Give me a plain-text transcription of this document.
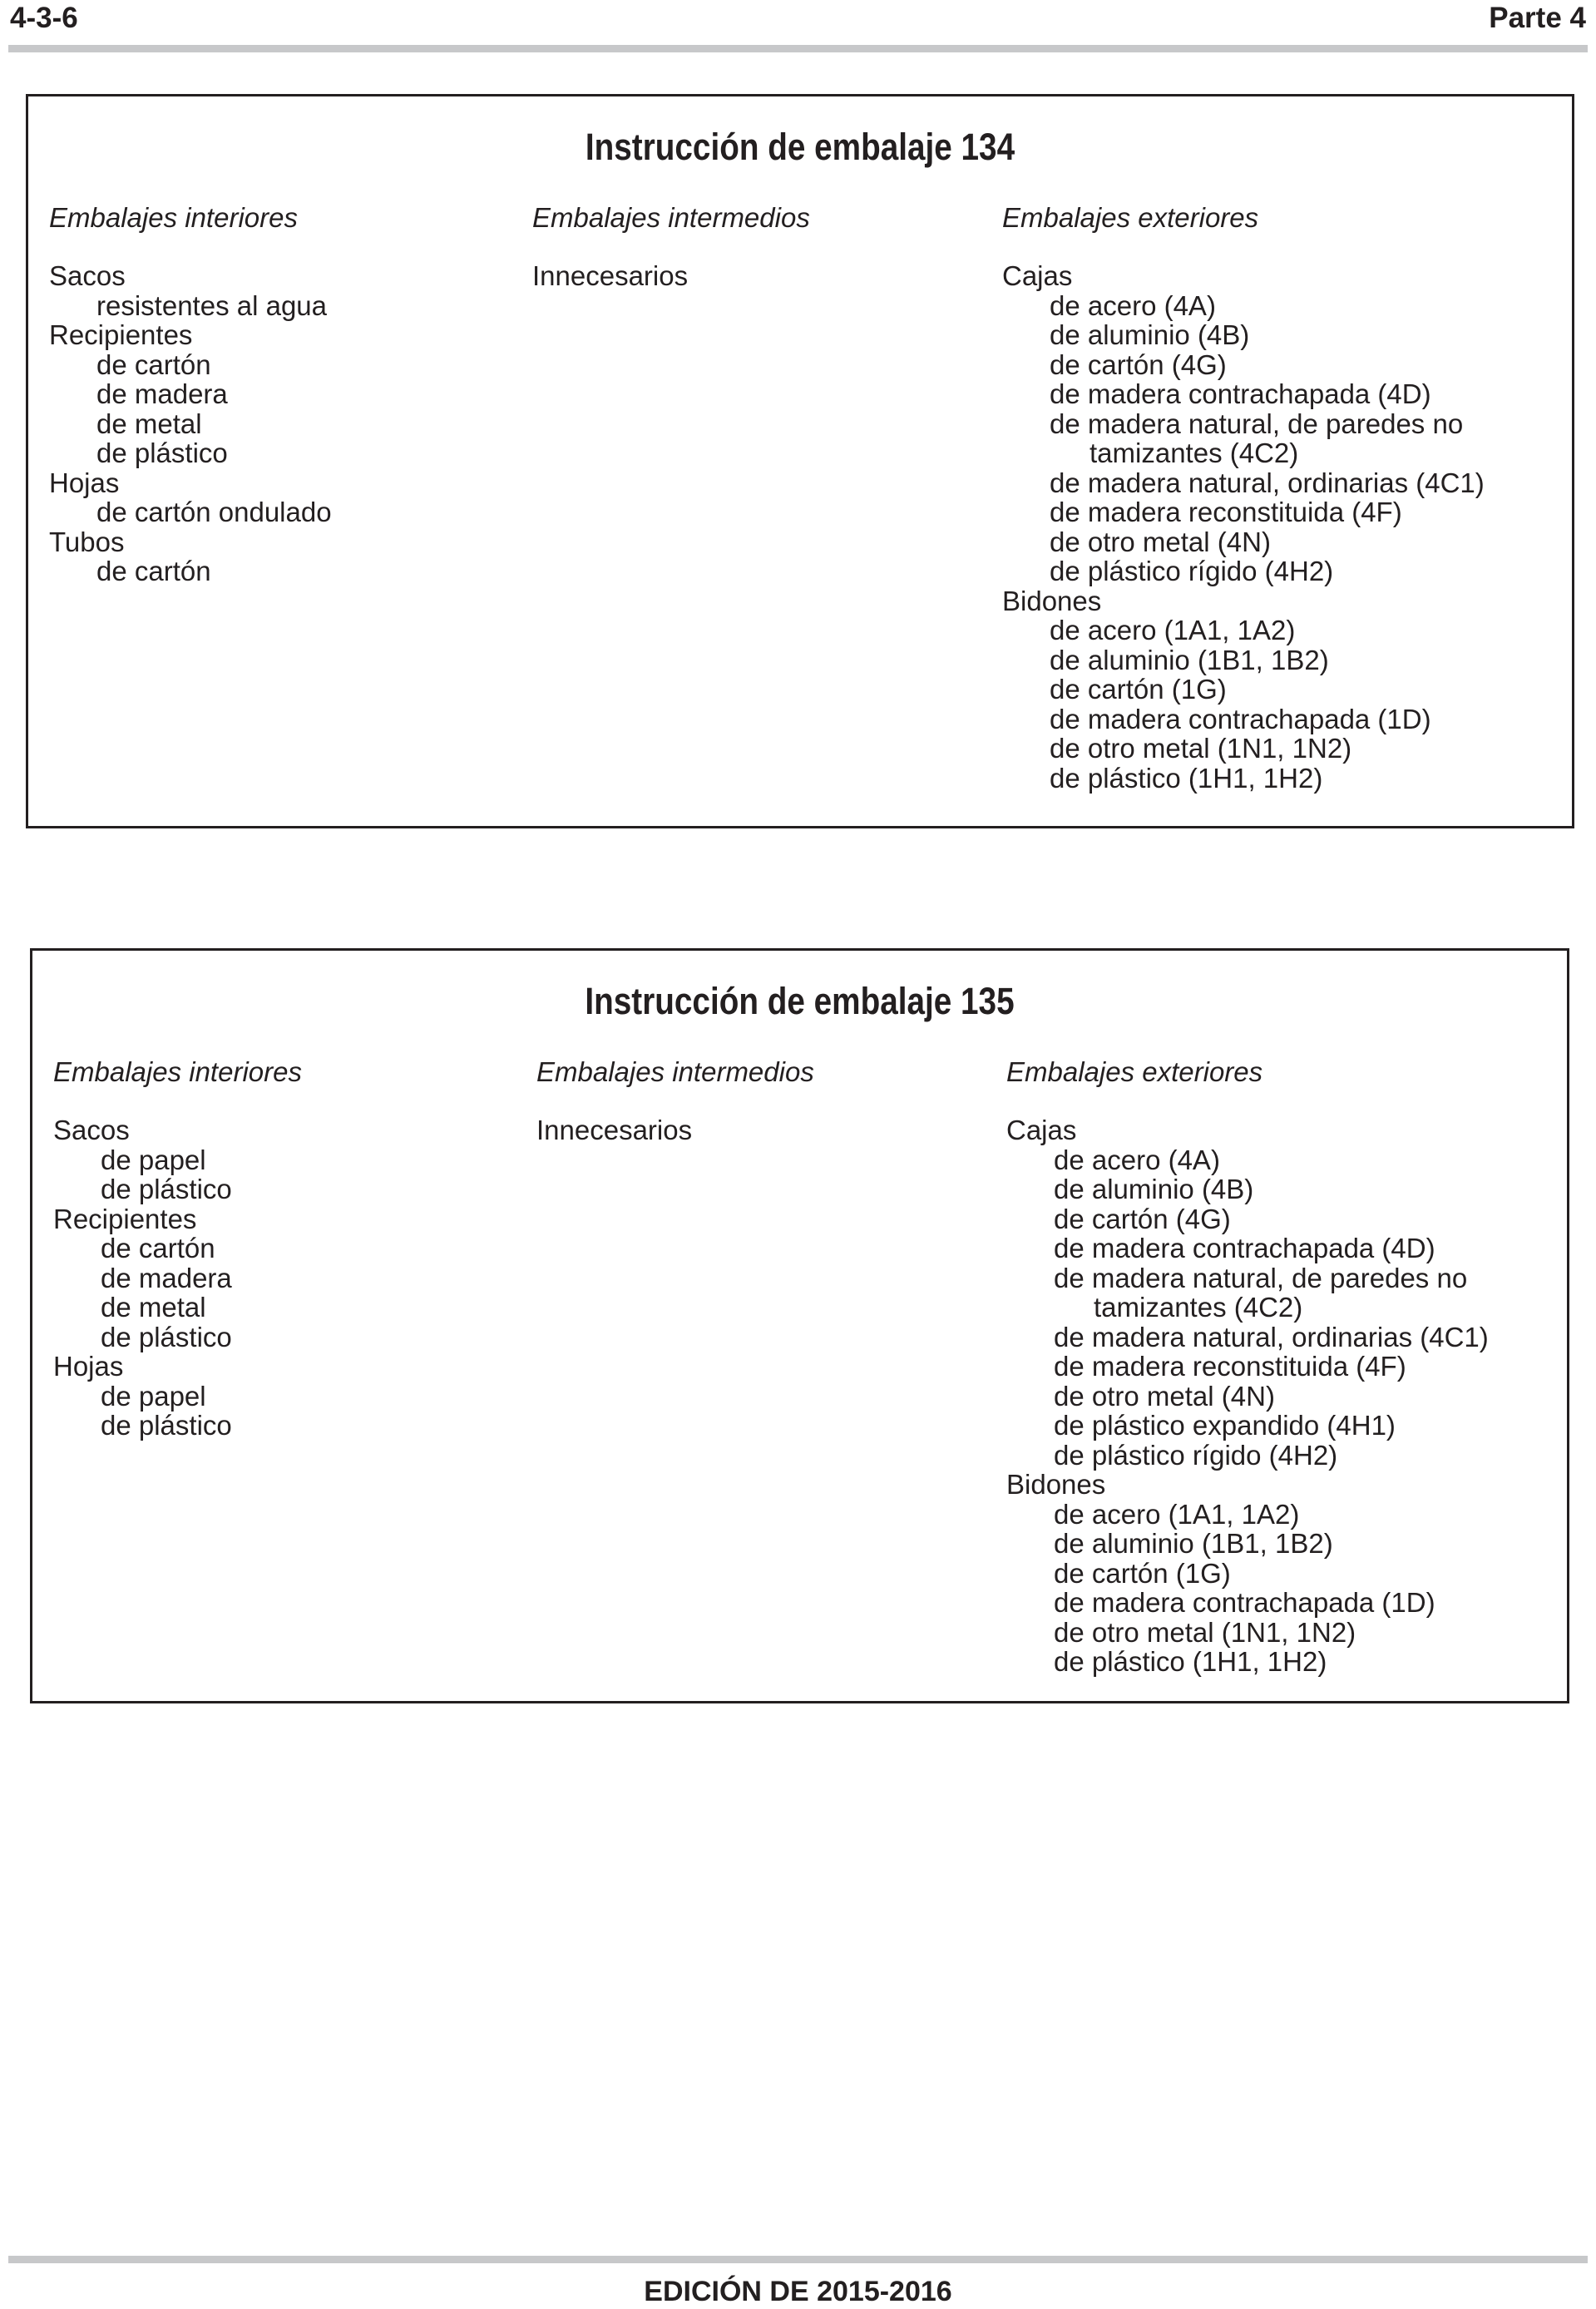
4-3-6	Parte 4
Instrucción de embalaje 134
Embalajes interiores
Sacos
resistentes al agua
Recipientes
de cartón
de madera
de metal
de plástico
Hojas
de cartón ondulado
Tubos
de cartón
Embalajes intermedios
Innecesarios
Embalajes exteriores
Cajas
de acero (4A)
de aluminio (4B)
de cartón (4G)
de madera contrachapada (4D)
de madera natural, de paredes no
tamizantes (4C2)
de madera natural, ordinarias (4C1)
de madera reconstituida (4F)
de otro metal (4N)
de plástico rígido (4H2)
Bidones
de acero (1A1, 1A2)
de aluminio (1B1, 1B2)
de cartón (1G)
de madera contrachapada (1D)
de otro metal (1N1, 1N2)
de plástico (1H1, 1H2)
Instrucción de embalaje 135
Embalajes interiores
Sacos
de papel
de plástico
Recipientes
de cartón
de madera
de metal
de plástico
Hojas
de papel
de plástico
Embalajes intermedios
Innecesarios
Embalajes exteriores
Cajas
de acero (4A)
de aluminio (4B)
de cartón (4G)
de madera contrachapada (4D)
de madera natural, de paredes no
tamizantes (4C2)
de madera natural, ordinarias (4C1)
de madera reconstituida (4F)
de otro metal (4N)
de plástico expandido (4H1)
de plástico rígido (4H2)
Bidones
de acero (1A1, 1A2)
de aluminio (1B1, 1B2)
de cartón (1G)
de madera contrachapada (1D)
de otro metal (1N1, 1N2)
de plástico (1H1, 1H2)
EDICIÓN DE 2015-2016
